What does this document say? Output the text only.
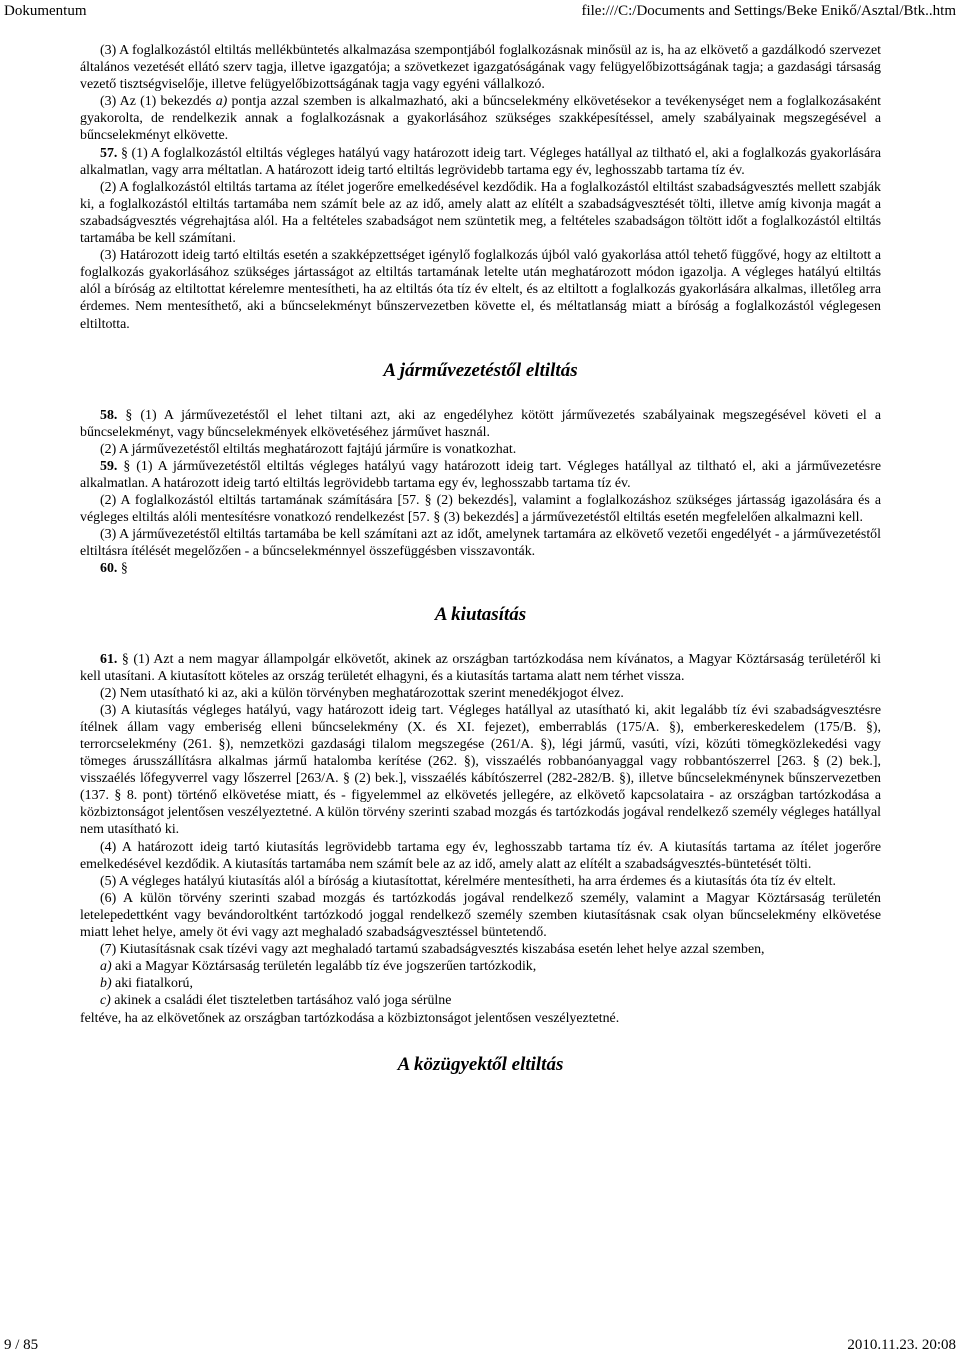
Dokumentum	file:///C:/Documents and Settings/Beke Enikő/Asztal/Btk..htm

(3) A foglalkozástól eltiltás mellékbüntetés alkalmazása szempontjából foglalkozásnak minősül az is, ha az elkövető a gazdálkodó szervezet általános vezetését ellátó szerv tagja, illetve igazgatója; a szövetkezet igazgatóságának vagy felügyelőbizottságának tagja; a gazdasági társaság vezető tisztségviselője, illetve felügyelőbizottságának tagja vagy egyéni vállalkozó.

(3) Az (1) bekezdés a) pontja azzal szemben is alkalmazható, aki a bűncselekmény elkövetésekor a tevékenységet nem a foglalkozásaként gyakorolta, de rendelkezik annak a foglalkozásnak a gyakorlásához szükséges szakképesítéssel, amely szabályainak megszegésével a bűncselekményt elkövette.

57. § (1) A foglalkozástól eltiltás végleges hatályú vagy határozott ideig tart. Végleges hatállyal az tiltható el, aki a foglalkozás gyakorlására alkalmatlan, vagy arra méltatlan. A határozott ideig tartó eltiltás legrövidebb tartama egy év, leghosszabb tartama tíz év.

(2) A foglalkozástól eltiltás tartama az ítélet jogerőre emelkedésével kezdődik. Ha a foglalkozástól eltiltást szabadságvesztés mellett szabják ki, a foglalkozástól eltiltás tartamába nem számít bele az az idő, amely alatt az elítélt a szabadságvesztését tölti, illetve amíg kivonja magát a szabadságvesztés végrehajtása alól. Ha a feltételes szabadságot nem szüntetik meg, a feltételes szabadságon töltött időt a foglalkozástól eltiltás tartamába be kell számítani.

(3) Határozott ideig tartó eltiltás esetén a szakképzettséget igénylő foglalkozás újból való gyakorlása attól tehető függővé, hogy az eltiltott a foglalkozás gyakorlásához szükséges jártasságot az eltiltás tartamának letelte után meghatározott módon igazolja. A végleges hatályú eltiltás alól a bíróság az eltiltottat kérelemre mentesítheti, ha az eltiltás óta tíz év eltelt, és az eltiltott a foglalkozás gyakorlására alkalmas, illetőleg arra érdemes. Nem mentesíthető, aki a bűncselekményt bűnszervezetben követte el, és méltatlanság miatt a bíróság a foglalkozástól véglegesen eltiltotta.

A járművezetéstől eltiltás

58. § (1) A járművezetéstől el lehet tiltani azt, aki az engedélyhez kötött járművezetés szabályainak megszegésével követi el a bűncselekményt, vagy bűncselekmények elkövetéséhez járművet használ.

(2) A járművezetéstől eltiltás meghatározott fajtájú járműre is vonatkozhat.

59. § (1) A járművezetéstől eltiltás végleges hatályú vagy határozott ideig tart. Végleges hatállyal az tiltható el, aki a járművezetésre alkalmatlan. A határozott ideig tartó eltiltás legrövidebb tartama egy év, leghosszabb tartama tíz év.

(2) A foglalkozástól eltiltás tartamának számítására [57. § (2) bekezdés], valamint a foglalkozáshoz szükséges jártasság igazolására és a végleges eltiltás alóli mentesítésre vonatkozó rendelkezést [57. § (3) bekezdés] a járművezetéstől eltiltás esetén megfelelően alkalmazni kell.

(3) A járművezetéstől eltiltás tartamába be kell számítani azt az időt, amelynek tartamára az elkövető vezetői engedélyét - a járművezetéstől eltiltásra ítélését megelőzően - a bűncselekménnyel összefüggésben visszavonták.

60. §

A kiutasítás

61. § (1) Azt a nem magyar állampolgár elkövetőt, akinek az országban tartózkodása nem kívánatos, a Magyar Köztársaság területéről ki kell utasítani. A kiutasított köteles az ország területét elhagyni, és a kiutasítás tartama alatt nem térhet vissza.

(2) Nem utasítható ki az, aki a külön törvényben meghatározottak szerint menedékjogot élvez.

(3) A kiutasítás végleges hatályú, vagy határozott ideig tart. Végleges hatállyal az utasítható ki, akit legalább tíz évi szabadságvesztésre ítélnek állam vagy emberiség elleni bűncselekmény (X. és XI. fejezet), emberrablás (175/A. §), emberkereskedelem (175/B. §), terrorcselekmény (261. §), nemzetközi gazdasági tilalom megszegése (261/A. §), légi jármű, vasúti, vízi, közúti tömegközlekedési vagy tömeges árusszállításra alkalmas jármű hatalomba kerítése (262. §), visszaélés robbanóanyaggal vagy robbantószerrel [263. § (2) bek.], visszaélés lőfegyverrel vagy lőszerrel [263/A. § (2) bek.], visszaélés kábítószerrel (282-282/B. §), illetve bűncselekménynek bűnszervezetben (137. § 8. pont) történő elkövetése miatt, és - figyelemmel az elkövetés jellegére, az elkövető kapcsolataira - az országban tartózkodása a közbiztonságot jelentősen veszélyeztetné. A külön törvény szerinti szabad mozgás és tartózkodás jogával rendelkező személy végleges hatállyal nem utasítható ki.

(4) A határozott ideig tartó kiutasítás legrövidebb tartama egy év, leghosszabb tartama tíz év. A kiutasítás tartama az ítélet jogerőre emelkedésével kezdődik. A kiutasítás tartamába nem számít bele az az idő, amely alatt az elítélt a szabadságvesztés-büntetését tölti.

(5) A végleges hatályú kiutasítás alól a bíróság a kiutasítottat, kérelmére mentesítheti, ha arra érdemes és a kiutasítás óta tíz év eltelt.

(6) A külön törvény szerinti szabad mozgás és tartózkodás jogával rendelkező személy, valamint a Magyar Köztársaság területén letelepedettként vagy bevándoroltként tartózkodó joggal rendelkező személy szemben kiutasításnak csak olyan bűncselekmény elkövetése miatt lehet helye, amely öt évi vagy azt meghaladó szabadságvesztéssel büntetendő.

(7) Kiutasításnak csak tízévi vagy azt meghaladó tartamú szabadságvesztés kiszabása esetén lehet helye azzal szemben,

a) aki a Magyar Köztársaság területén legalább tíz éve jogszerűen tartózkodik,

b) aki fiatalkorú,

c) akinek a családi élet tiszteletben tartásához való joga sérülne

feltéve, ha az elkövetőnek az országban tartózkodása a közbiztonságot jelentősen veszélyeztetné.

A közügyektől eltiltás
9 / 85	2010.11.23. 20:08
